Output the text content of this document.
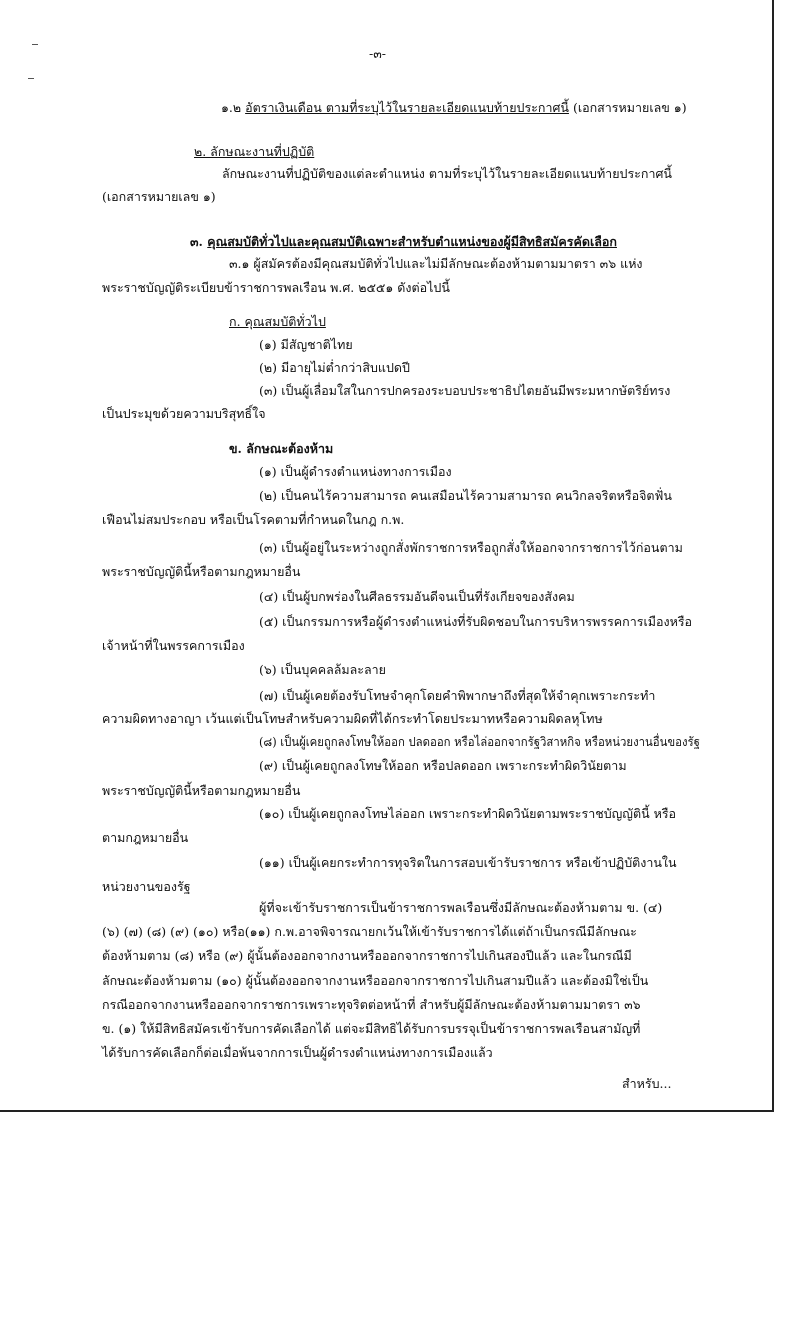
-๓-
๑.๒ อัตราเงินเดือน ตามที่ระบุไว้ในรายละเอียดแนบท้ายประกาศนี้ (เอกสารหมายเลข ๑)
๒. ลักษณะงานที่ปฏิบัติ
ลักษณะงานที่ปฏิบัติของแต่ละตำแหน่ง ตามที่ระบุไว้ในรายละเอียดแนบท้ายประกาศนี้
(เอกสารหมายเลข ๑)
๓. คุณสมบัติทั่วไปและคุณสมบัติเฉพาะสำหรับตำแหน่งของผู้มีสิทธิสมัครคัดเลือก
๓.๑ ผู้สมัครต้องมีคุณสมบัติทั่วไปและไม่มีลักษณะต้องห้ามตามมาตรา ๓๖ แห่ง
พระราชบัญญัติระเบียบข้าราชการพลเรือน พ.ศ. ๒๕๕๑ ดังต่อไปนี้
ก. คุณสมบัติทั่วไป
(๑) มีสัญชาติไทย
(๒) มีอายุไม่ต่ำกว่าสิบแปดปี
(๓) เป็นผู้เลื่อมใสในการปกครองระบอบประชาธิปไตยอันมีพระมหากษัตริย์ทรง
เป็นประมุขด้วยความบริสุทธิ์ใจ
ข. ลักษณะต้องห้าม
(๑) เป็นผู้ดำรงตำแหน่งทางการเมือง
(๒) เป็นคนไร้ความสามารถ คนเสมือนไร้ความสามารถ คนวิกลจริตหรือจิตฟั่น
เฟือนไม่สมประกอบ หรือเป็นโรคตามที่กำหนดในกฎ ก.พ.
(๓) เป็นผู้อยู่ในระหว่างถูกสั่งพักราชการหรือถูกสั่งให้ออกจากราชการไว้ก่อนตาม
พระราชบัญญัตินี้หรือตามกฎหมายอื่น
(๔) เป็นผู้บกพร่องในศีลธรรมอันดีจนเป็นที่รังเกียจของสังคม
(๕) เป็นกรรมการหรือผู้ดำรงตำแหน่งที่รับผิดชอบในการบริหารพรรคการเมืองหรือ
เจ้าหน้าที่ในพรรคการเมือง
(๖) เป็นบุคคลล้มละลาย
(๗) เป็นผู้เคยต้องรับโทษจำคุกโดยคำพิพากษาถึงที่สุดให้จำคุกเพราะกระทำ
ความผิดทางอาญา เว้นแต่เป็นโทษสำหรับความผิดที่ได้กระทำโดยประมาทหรือความผิดลหุโทษ
(๘) เป็นผู้เคยถูกลงโทษให้ออก ปลดออก หรือไล่ออกจากรัฐวิสาหกิจ หรือหน่วยงานอื่นของรัฐ
(๙) เป็นผู้เคยถูกลงโทษให้ออก หรือปลดออก เพราะกระทำผิดวินัยตาม
พระราชบัญญัตินี้หรือตามกฎหมายอื่น
(๑๐) เป็นผู้เคยถูกลงโทษไล่ออก เพราะกระทำผิดวินัยตามพระราชบัญญัตินี้ หรือ
ตามกฎหมายอื่น
(๑๑) เป็นผู้เคยกระทำการทุจริตในการสอบเข้ารับราชการ หรือเข้าปฏิบัติงานใน
หน่วยงานของรัฐ
ผู้ที่จะเข้ารับราชการเป็นข้าราชการพลเรือนซึ่งมีลักษณะต้องห้ามตาม ข. (๔)
(๖) (๗) (๘) (๙) (๑๐) หรือ(๑๑) ก.พ.อาจพิจารณายกเว้นให้เข้ารับราชการได้แต่ถ้าเป็นกรณีมีลักษณะ
ต้องห้ามตาม (๘) หรือ (๙) ผู้นั้นต้องออกจากงานหรือออกจากราชการไปเกินสองปีแล้ว และในกรณีมี
ลักษณะต้องห้ามตาม (๑๐) ผู้นั้นต้องออกจากงานหรือออกจากราชการไปเกินสามปีแล้ว และต้องมิใช่เป็น
กรณีออกจากงานหรือออกจากราชการเพราะทุจริตต่อหน้าที่ สำหรับผู้มีลักษณะต้องห้ามตามมาตรา ๓๖
ข. (๑) ให้มีสิทธิสมัครเข้ารับการคัดเลือกได้ แต่จะมีสิทธิได้รับการบรรจุเป็นข้าราชการพลเรือนสามัญที่
ได้รับการคัดเลือกก็ต่อเมื่อพ้นจากการเป็นผู้ดำรงตำแหน่งทางการเมืองแล้ว
สำหรับ...
